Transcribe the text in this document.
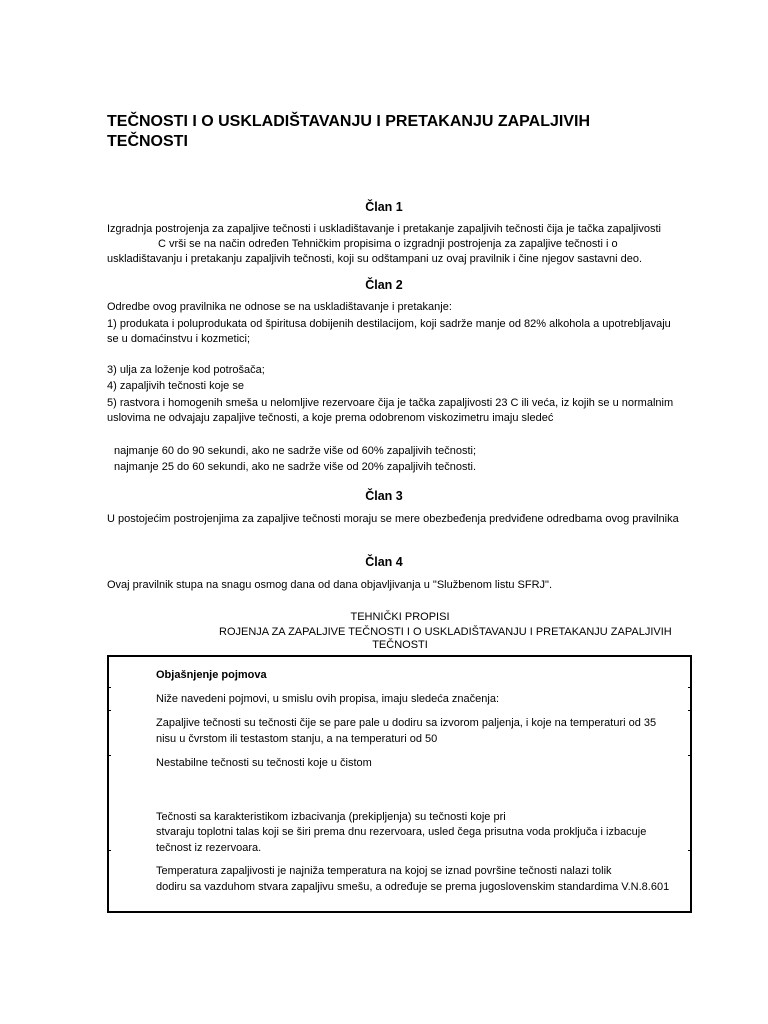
TEČNOSTI I O USKLADIŠTAVANJU I PRETAKANJU ZAPALJIVIH
TEČNOSTI
Član 1
Izgradnja postrojenja za zapaljive tečnosti i uskladištavanje i pretakanje zapaljivih tečnosti čija je tačka zapaljivosti
C vrši se na način određen Tehničkim propisima o izgradnji postrojenja za zapaljive tečnosti i o
uskladištavanju i pretakanju zapaljivih tečnosti, koji su odštampani uz ovaj pravilnik i čine njegov sastavni deo.
Član 2
Odredbe ovog pravilnika ne odnose se na uskladištavanje i pretakanje:
1) produkata i poluprodukata od špiritusa dobijenih destilacijom, koji sadrže manje od 82% alkohola a upotrebljavaju
se u domaćinstvu i kozmetici;
3) ulja za loženje kod potrošača;
4) zapaljivih tečnosti koje se
5) rastvora i homogenih smeša u nelomljive rezervoare čija je tačka zapaljivosti 23 C ili veća, iz kojih se u normalnim
uslovima ne odvajaju zapaljive tečnosti, a koje prema odobrenom viskozimetru imaju sledeć
najmanje 60 do 90 sekundi, ako ne sadrže više od 60% zapaljivih tečnosti;
najmanje 25 do 60 sekundi, ako ne sadrže više od 20% zapaljivih tečnosti.
Član 3
U postojećim postrojenjima za zapaljive tečnosti moraju se mere obezbeđenja predviđene odredbama ovog pravilnika
Član 4
Ovaj pravilnik stupa na snagu osmog dana od dana objavljivanja u "Službenom listu SFRJ".
TEHNIČKI PROPISI
ROJENJA ZA ZAPALJIVE TEČNOSTI I O USKLADIŠTAVANJU I PRETAKANJU ZAPALJIVIH
TEČNOSTI
Objašnjenje pojmova
Niže navedeni pojmovi, u smislu ovih propisa, imaju sledeća značenja:
Zapaljive tečnosti su tečnosti čije se pare pale u dodiru sa izvorom paljenja, i koje na temperaturi od 35
nisu u čvrstom ili testastom stanju, a na temperaturi od 50
Nestabilne tečnosti su tečnosti koje u čistom
Tečnosti sa karakteristikom izbacivanja (prekipljenja) su tečnosti koje pri
stvaraju toplotni talas koji se širi prema dnu rezervoara, usled čega prisutna voda proključa i izbacuje
tečnost iz rezervoara.
Temperatura zapaljivosti je najniža temperatura na kojoj se iznad površine tečnosti nalazi tolik
dodiru sa vazduhom stvara zapaljivu smešu, a određuje se prema jugoslovenskim standardima V.N.8.601
